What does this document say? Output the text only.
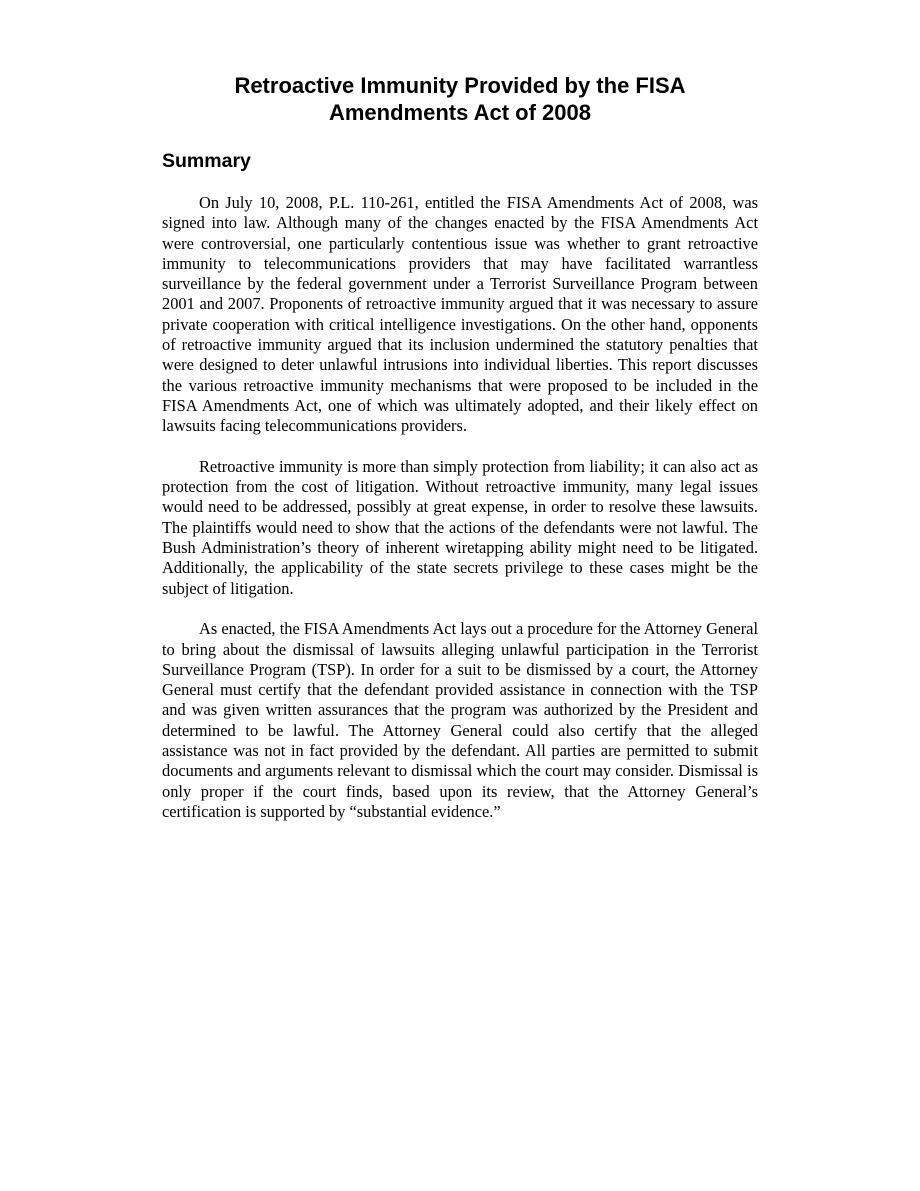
Retroactive Immunity Provided by the FISA
Amendments Act of 2008
Summary

On July 10, 2008, P.L. 110-261, entitled the FISA Amendments Act of 2008, was signed into law. Although many of the changes enacted by the FISA Amendments Act were controversial, one particularly contentious issue was whether to grant retroactive immunity to telecommunications providers that may have facilitated warrantless surveillance by the federal government under a Terrorist Surveillance Program between 2001 and 2007. Proponents of retroactive immunity argued that it was necessary to assure private cooperation with critical intelligence investigations. On the other hand, opponents of retroactive immunity argued that its inclusion undermined the statutory penalties that were designed to deter unlawful intrusions into individual liberties. This report discusses the various retroactive immunity mechanisms that were proposed to be included in the FISA Amendments Act, one of which was ultimately adopted, and their likely effect on lawsuits facing telecommunications providers.

Retroactive immunity is more than simply protection from liability; it can also act as protection from the cost of litigation. Without retroactive immunity, many legal issues would need to be addressed, possibly at great expense, in order to resolve these lawsuits. The plaintiffs would need to show that the actions of the defendants were not lawful. The Bush Administration’s theory of inherent wiretapping ability might need to be litigated. Additionally, the applicability of the state secrets privilege to these cases might be the subject of litigation.

As enacted, the FISA Amendments Act lays out a procedure for the Attorney General to bring about the dismissal of lawsuits alleging unlawful participation in the Terrorist Surveillance Program (TSP). In order for a suit to be dismissed by a court, the Attorney General must certify that the defendant provided assistance in connection with the TSP and was given written assurances that the program was authorized by the President and determined to be lawful. The Attorney General could also certify that the alleged assistance was not in fact provided by the defendant. All parties are permitted to submit documents and arguments relevant to dismissal which the court may consider. Dismissal is only proper if the court finds, based upon its review, that the Attorney General’s certification is supported by “substantial evidence.”
